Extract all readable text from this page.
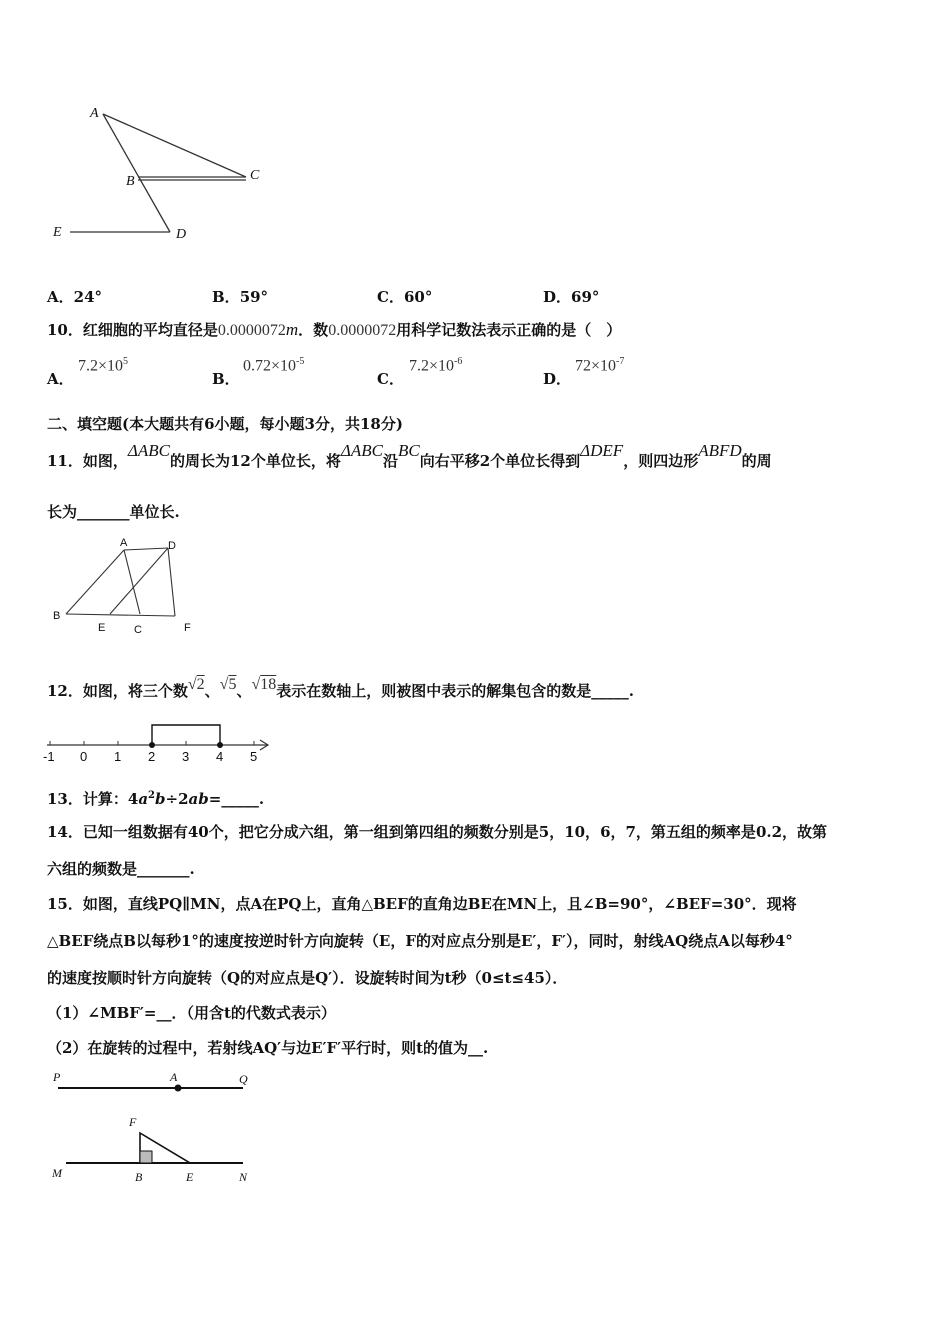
A
B	C
D
E
A．24°	B．59°	C．60°	D．69°
10．红细胞的平均直径是0.0000072m．数0.0000072用科学记数法表示正确的是（　）
A．
$7.2\times 10^5$
B．
$0.72\times 10^{-5}$
C．
$7.2\times 10^{-6}$
D．
$72\times 10^{-7}$
二、填空题(本大题共有6小题，每小题3分，共18分)
11．如图，ΔABC的周长为12个单位长，将ΔABC沿BC向右平移2个单位长得到ΔDEF，则四边形ABFD的周
长为_______单位长.
A	D
B
E	C	F
12．如图，将三个数√2、√5、√18表示在数轴上，则被图中表示的解集包含的数是_____.
-1 0 1 2 3 4 5
13．计算：$4a^2b\div 2ab=\_\_\_\_\_$.
14．已知一组数据有40个，把它分成六组，第一组到第四组的频数分别是5，10，6，7，第五组的频率是0.2，故第
六组的频数是_______.
15．如图，直线PQ∥MN，点A在PQ上，直角△BEF的直角边BE在MN上，且∠B=90°，∠BEF=30°．现将
△BEF绕点B以每秒1°的速度按逆时针方向旋转（E，F的对应点分别是E′，F′），同时，射线AQ绕点A以每秒4°
的速度按顺时针方向旋转（Q的对应点是Q′）．设旋转时间为t秒（0≤t≤45）．
（1）∠MBF′=__．（用含t的代数式表示）
（2）在旋转的过程中，若射线AQ′与边E′F′平行时，则t的值为__.
P	A	Q
F
M	B	E	N
